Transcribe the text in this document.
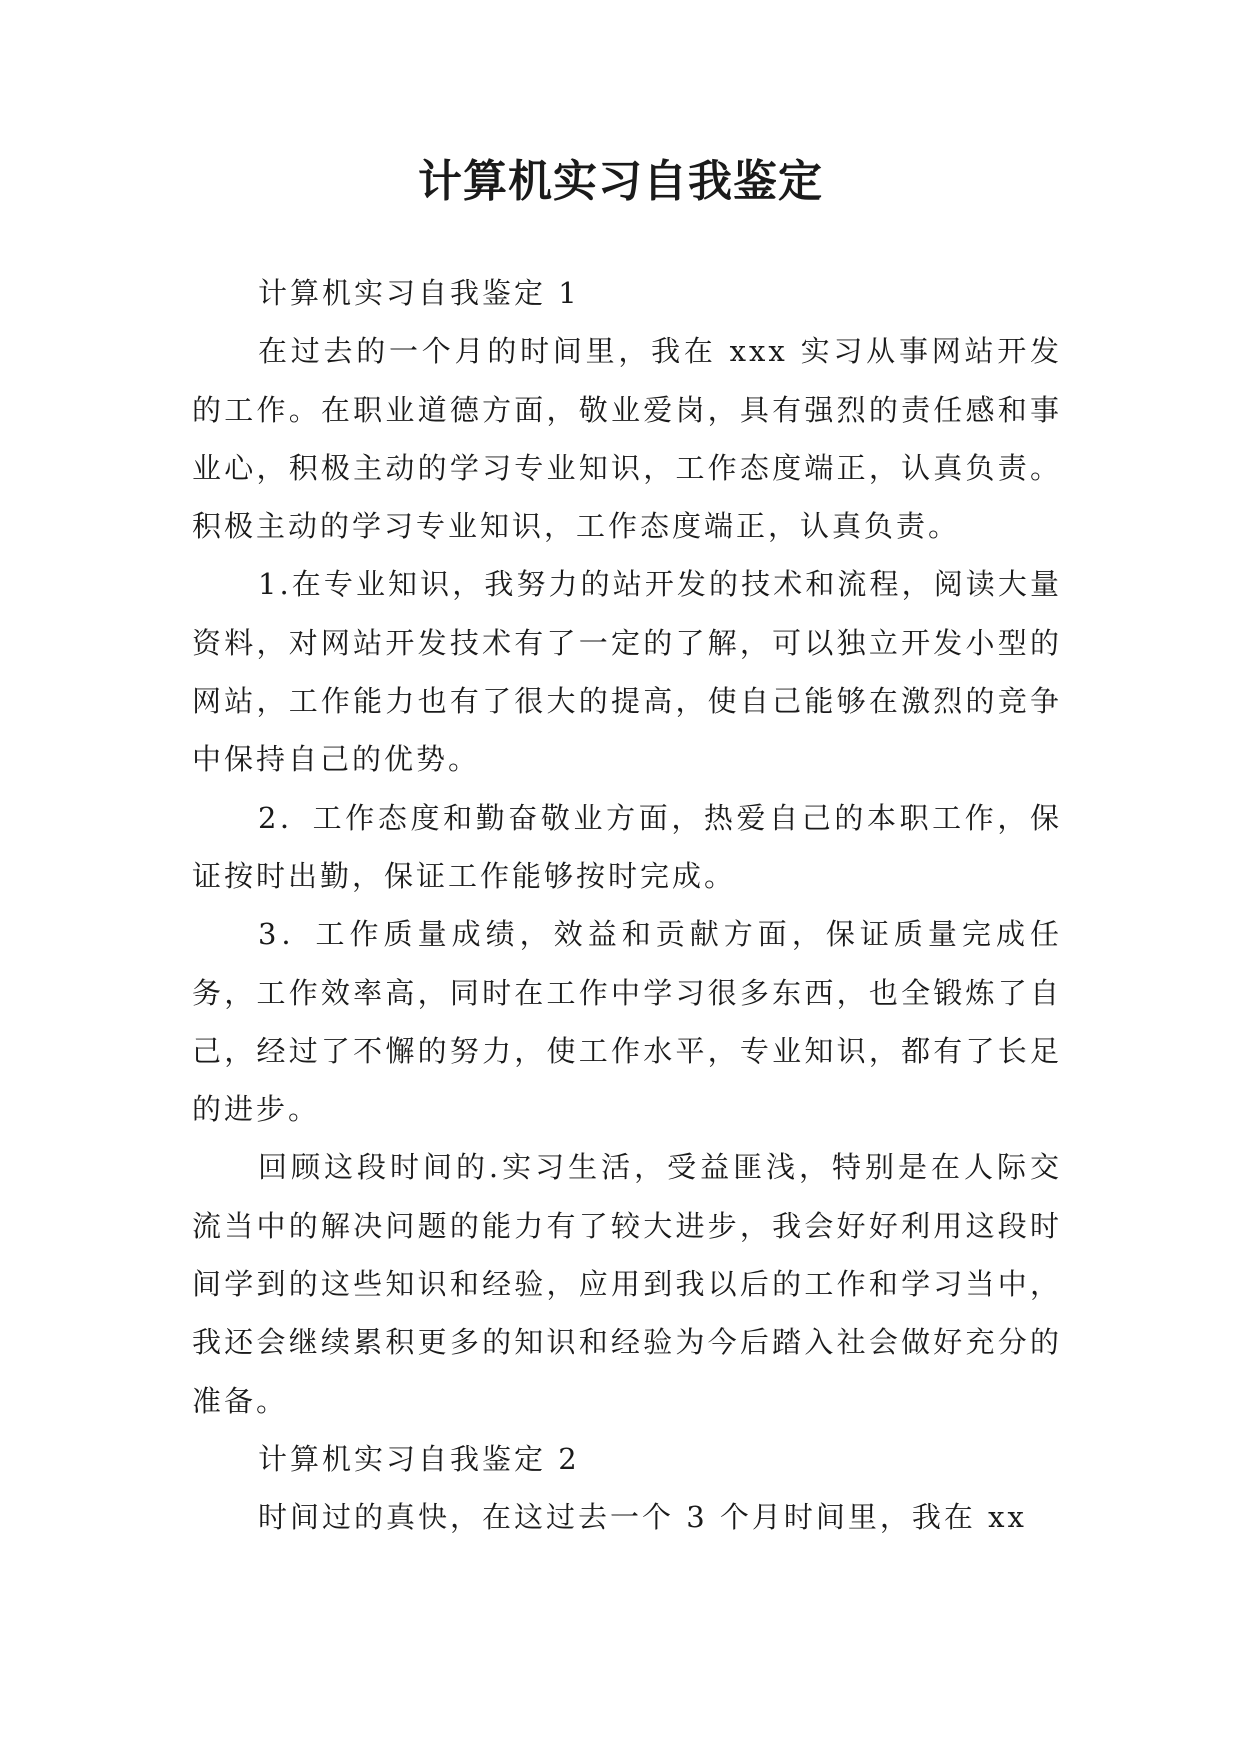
计算机实习自我鉴定

计算机实习自我鉴定 1

在过去的一个月的时间里，我在 xxx 实习从事网站开发的工作。在职业道德方面，敬业爱岗，具有强烈的责任感和事业心，积极主动的学习专业知识，工作态度端正，认真负责。积极主动的学习专业知识，工作态度端正，认真负责。

1.在专业知识，我努力的站开发的技术和流程，阅读大量资料，对网站开发技术有了一定的了解，可以独立开发小型的网站，工作能力也有了很大的提高，使自己能够在激烈的竞争中保持自己的优势。

2．工作态度和勤奋敬业方面，热爱自己的本职工作，保证按时出勤，保证工作能够按时完成。

3．工作质量成绩，效益和贡献方面，保证质量完成任务，工作效率高，同时在工作中学习很多东西，也全锻炼了自己，经过了不懈的努力，使工作水平，专业知识，都有了长足的进步。

回顾这段时间的.实习生活，受益匪浅，特别是在人际交流当中的解决问题的能力有了较大进步，我会好好利用这段时间学到的这些知识和经验，应用到我以后的工作和学习当中，我还会继续累积更多的知识和经验为今后踏入社会做好充分的准备。

计算机实习自我鉴定 2

时间过的真快，在这过去一个 3 个月时间里，我在 xx
